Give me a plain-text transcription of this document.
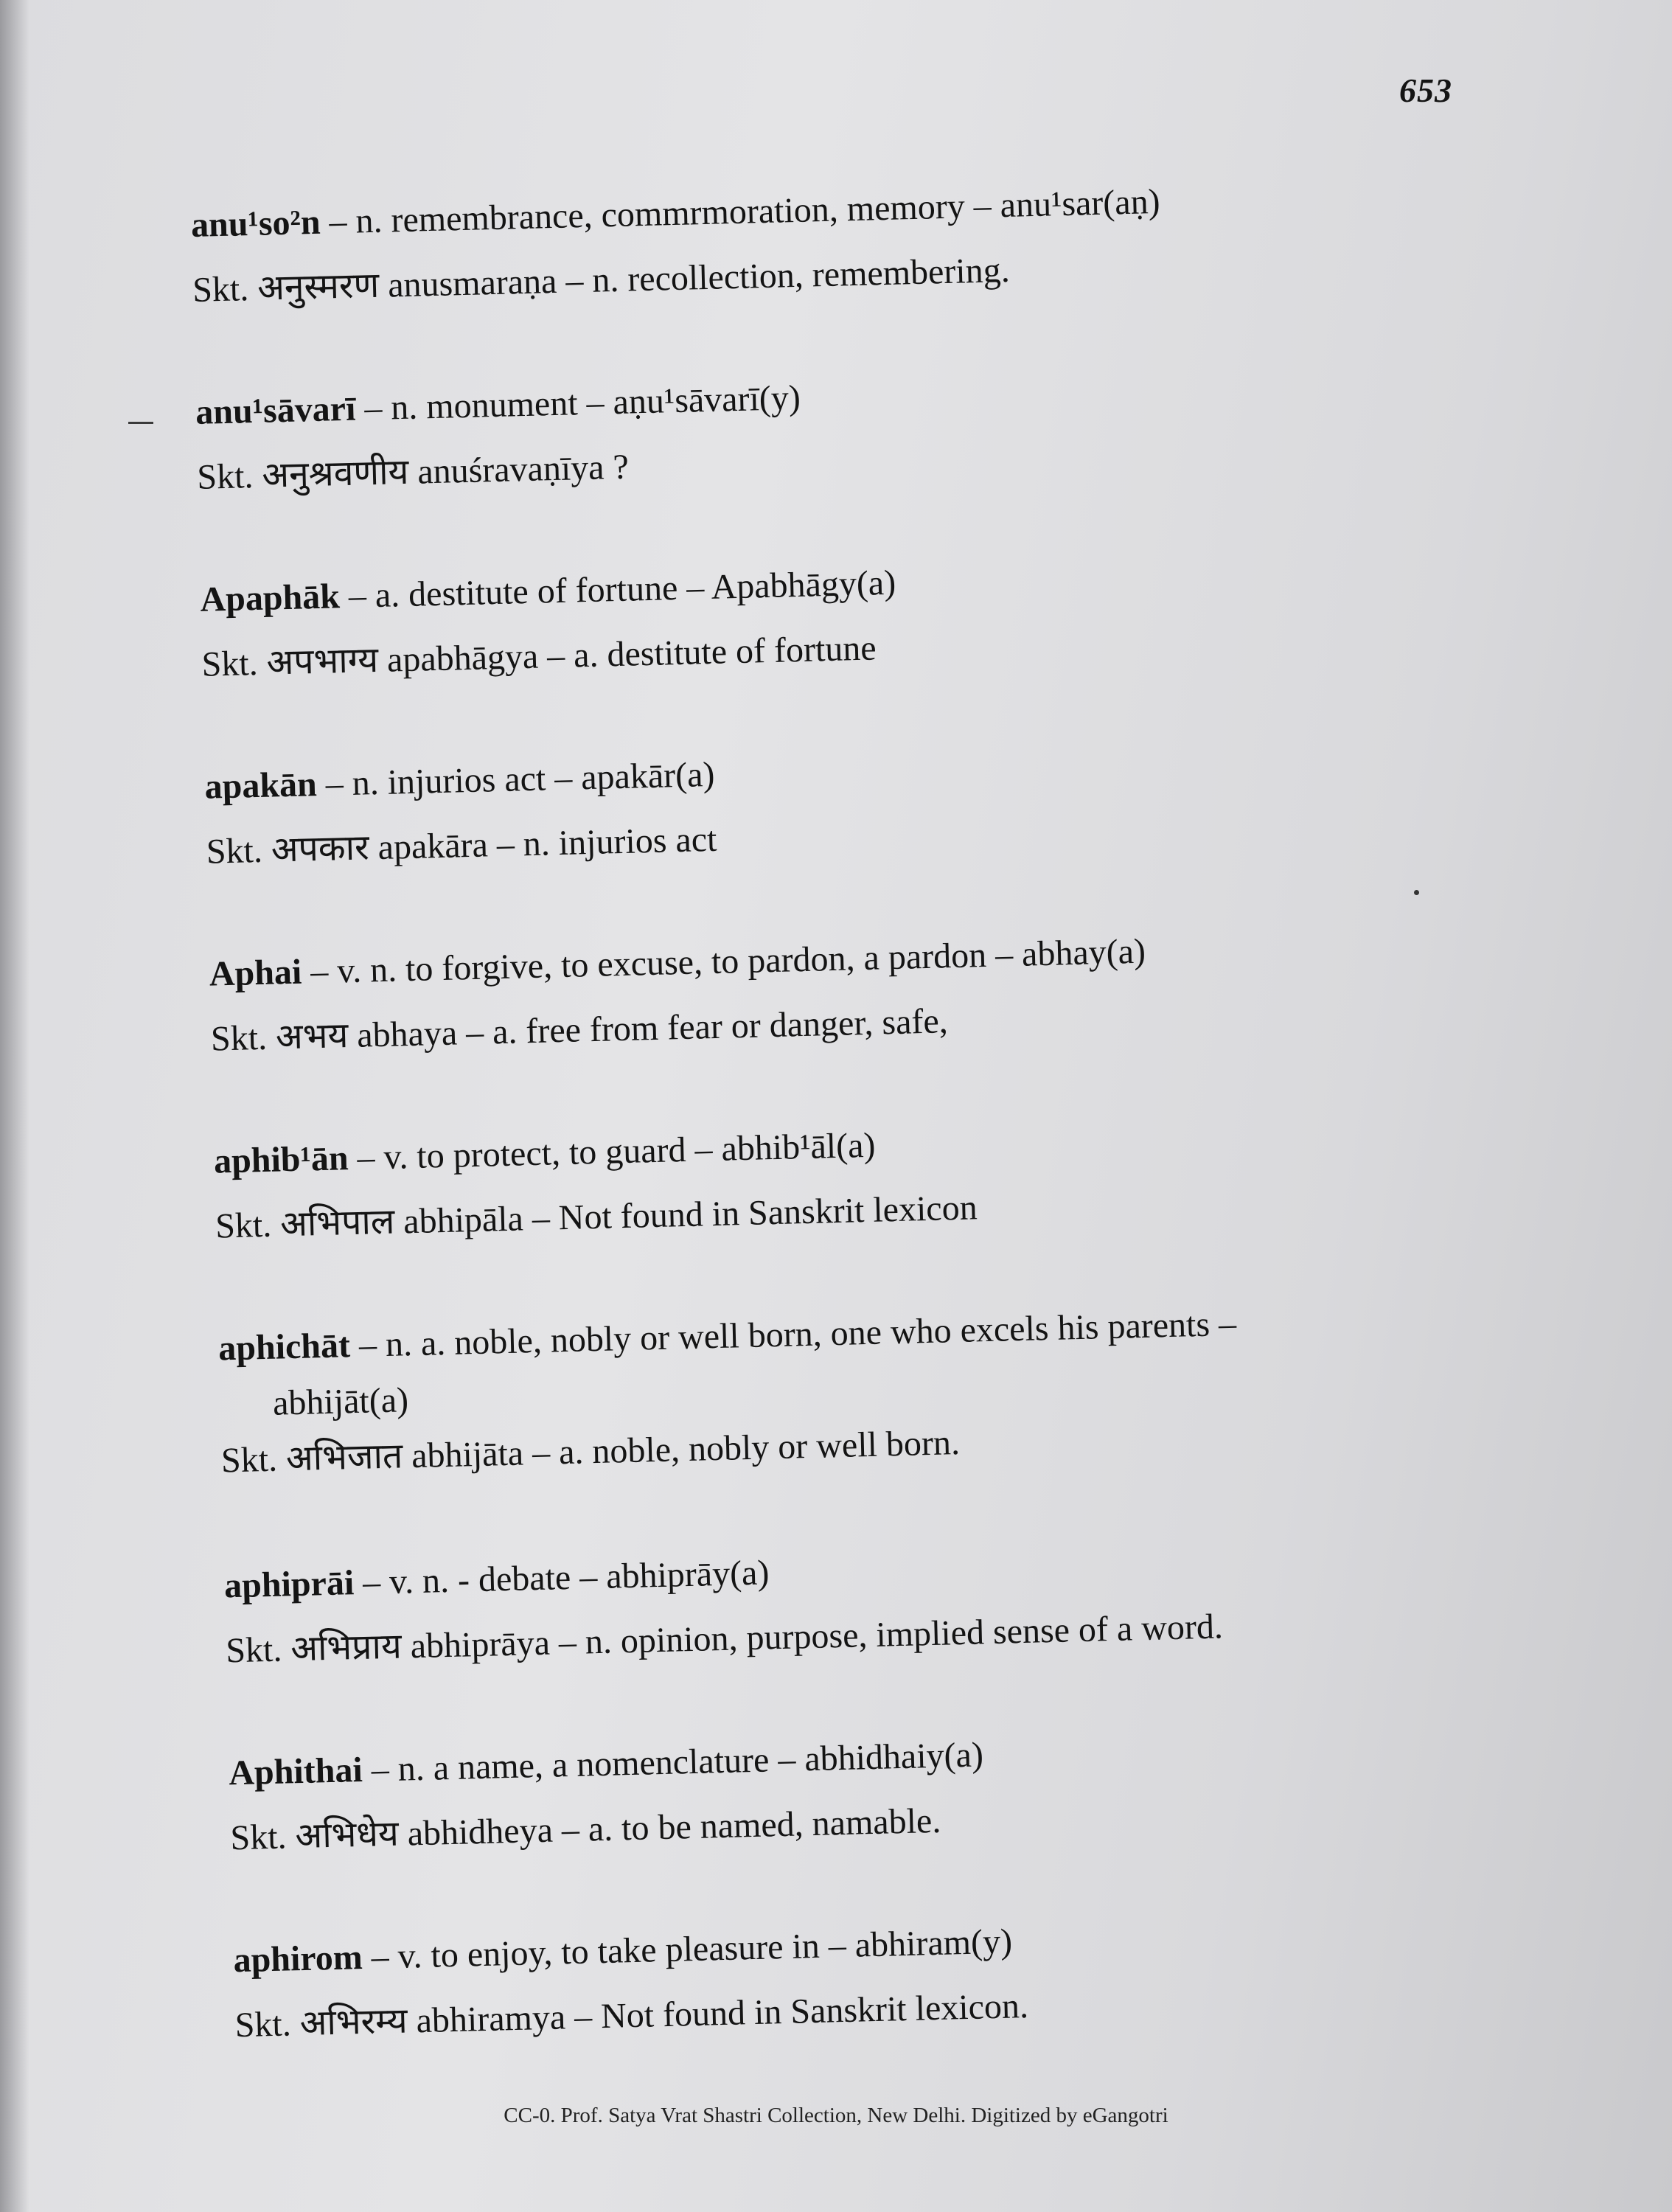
653
anu¹so²n – n. remembrance, commrmoration, memory – anu¹sar(aṇ)
Skt. अनुस्मरण anusmaraṇa – n. recollection, remembering.
anu¹sāvarī – n. monument – aṇu¹sāvarī(y)
Skt. अनुश्रवणीय anuśravaṇīya ?
Apaphāk – a. destitute of fortune – Apabhāgy(a)
Skt. अपभाग्य apabhāgya – a. destitute of fortune
apakān – n. injurios act – apakār(a)
Skt. अपकार apakāra – n. injurios act
Aphai – v. n. to forgive, to excuse, to pardon, a pardon – abhay(a)
Skt. अभय abhaya – a. free from fear or danger, safe,
aphib¹ān – v. to protect, to guard – abhib¹āl(a)
Skt. अभिपाल abhipāla – Not found in Sanskrit lexicon
aphichāt – n. a. noble, nobly or well born, one who excels his parents –
abhijāt(a)
Skt. अभिजात abhijāta – a. noble, nobly or well born.
aphiprāi – v. n. - debate – abhiprāy(a)
Skt. अभिप्राय abhiprāya – n. opinion, purpose, implied sense of a word.
Aphithai – n. a name, a nomenclature – abhidhaiy(a)
Skt. अभिधेय abhidheya – a. to be named, namable.
aphirom – v. to enjoy, to take pleasure in – abhiram(y)
Skt. अभिरम्य abhiramya – Not found in Sanskrit lexicon.
CC-0. Prof. Satya Vrat Shastri Collection, New Delhi. Digitized by eGangotri
